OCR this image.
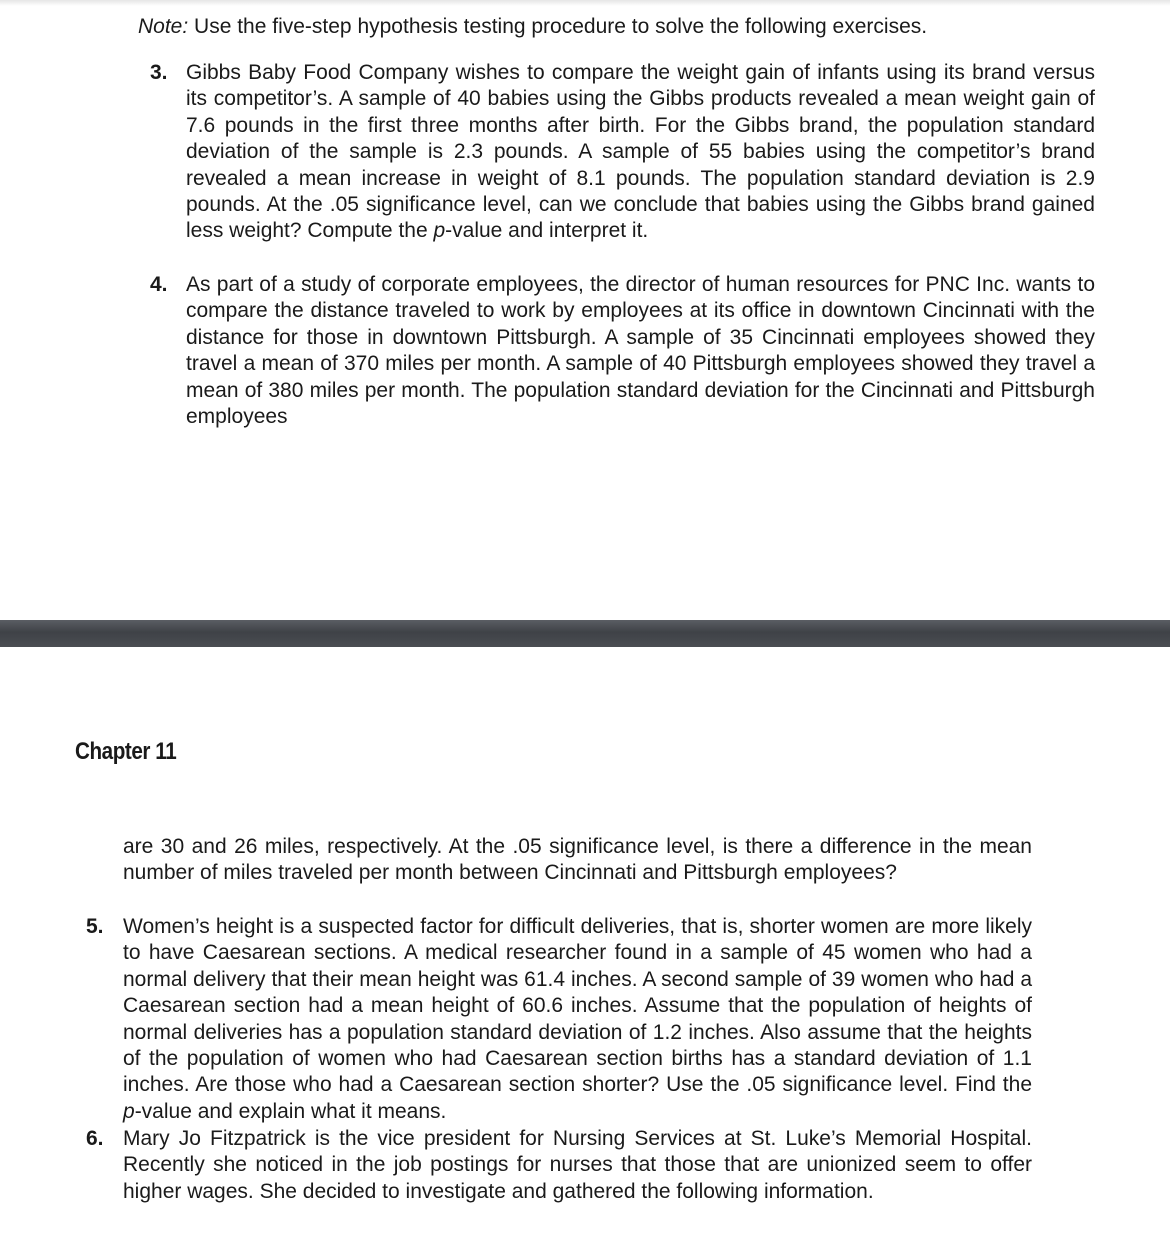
Note: Use the five-step hypothesis testing procedure to solve the following exercises.
3. Gibbs Baby Food Company wishes to compare the weight gain of infants using its brand versus its competitor’s. A sample of 40 babies using the Gibbs products revealed a mean weight gain of 7.6 pounds in the first three months after birth. For the Gibbs brand, the population standard deviation of the sample is 2.3 pounds. A sample of 55 babies using the competitor’s brand revealed a mean increase in weight of 8.1 pounds. The population standard deviation is 2.9 pounds. At the .05 significance level, can we conclude that babies using the Gibbs brand gained less weight? Compute the p-value and interpret it.
4. As part of a study of corporate employees, the director of human resources for PNC Inc. wants to compare the distance traveled to work by employees at its office in downtown Cincinnati with the distance for those in downtown Pittsburgh. A sample of 35 Cincinnati employees showed they travel a mean of 370 miles per month. A sample of 40 Pittsburgh employees showed they travel a mean of 380 miles per month. The population standard deviation for the Cincinnati and Pittsburgh employees
Chapter 11
are 30 and 26 miles, respectively. At the .05 significance level, is there a difference in the mean number of miles traveled per month between Cincinnati and Pittsburgh employees?
5. Women’s height is a suspected factor for difficult deliveries, that is, shorter women are more likely to have Caesarean sections. A medical researcher found in a sample of 45 women who had a normal delivery that their mean height was 61.4 inches. A second sample of 39 women who had a Caesarean section had a mean height of 60.6 inches. Assume that the population of heights of normal deliveries has a population standard deviation of 1.2 inches. Also assume that the heights of the population of women who had Caesarean section births has a standard deviation of 1.1 inches. Are those who had a Caesarean section shorter? Use the .05 significance level. Find the p-value and explain what it means.
6. Mary Jo Fitzpatrick is the vice president for Nursing Services at St. Luke’s Memorial Hospital. Recently she noticed in the job postings for nurses that those that are unionized seem to offer higher wages. She decided to investigate and gathered the following information.
